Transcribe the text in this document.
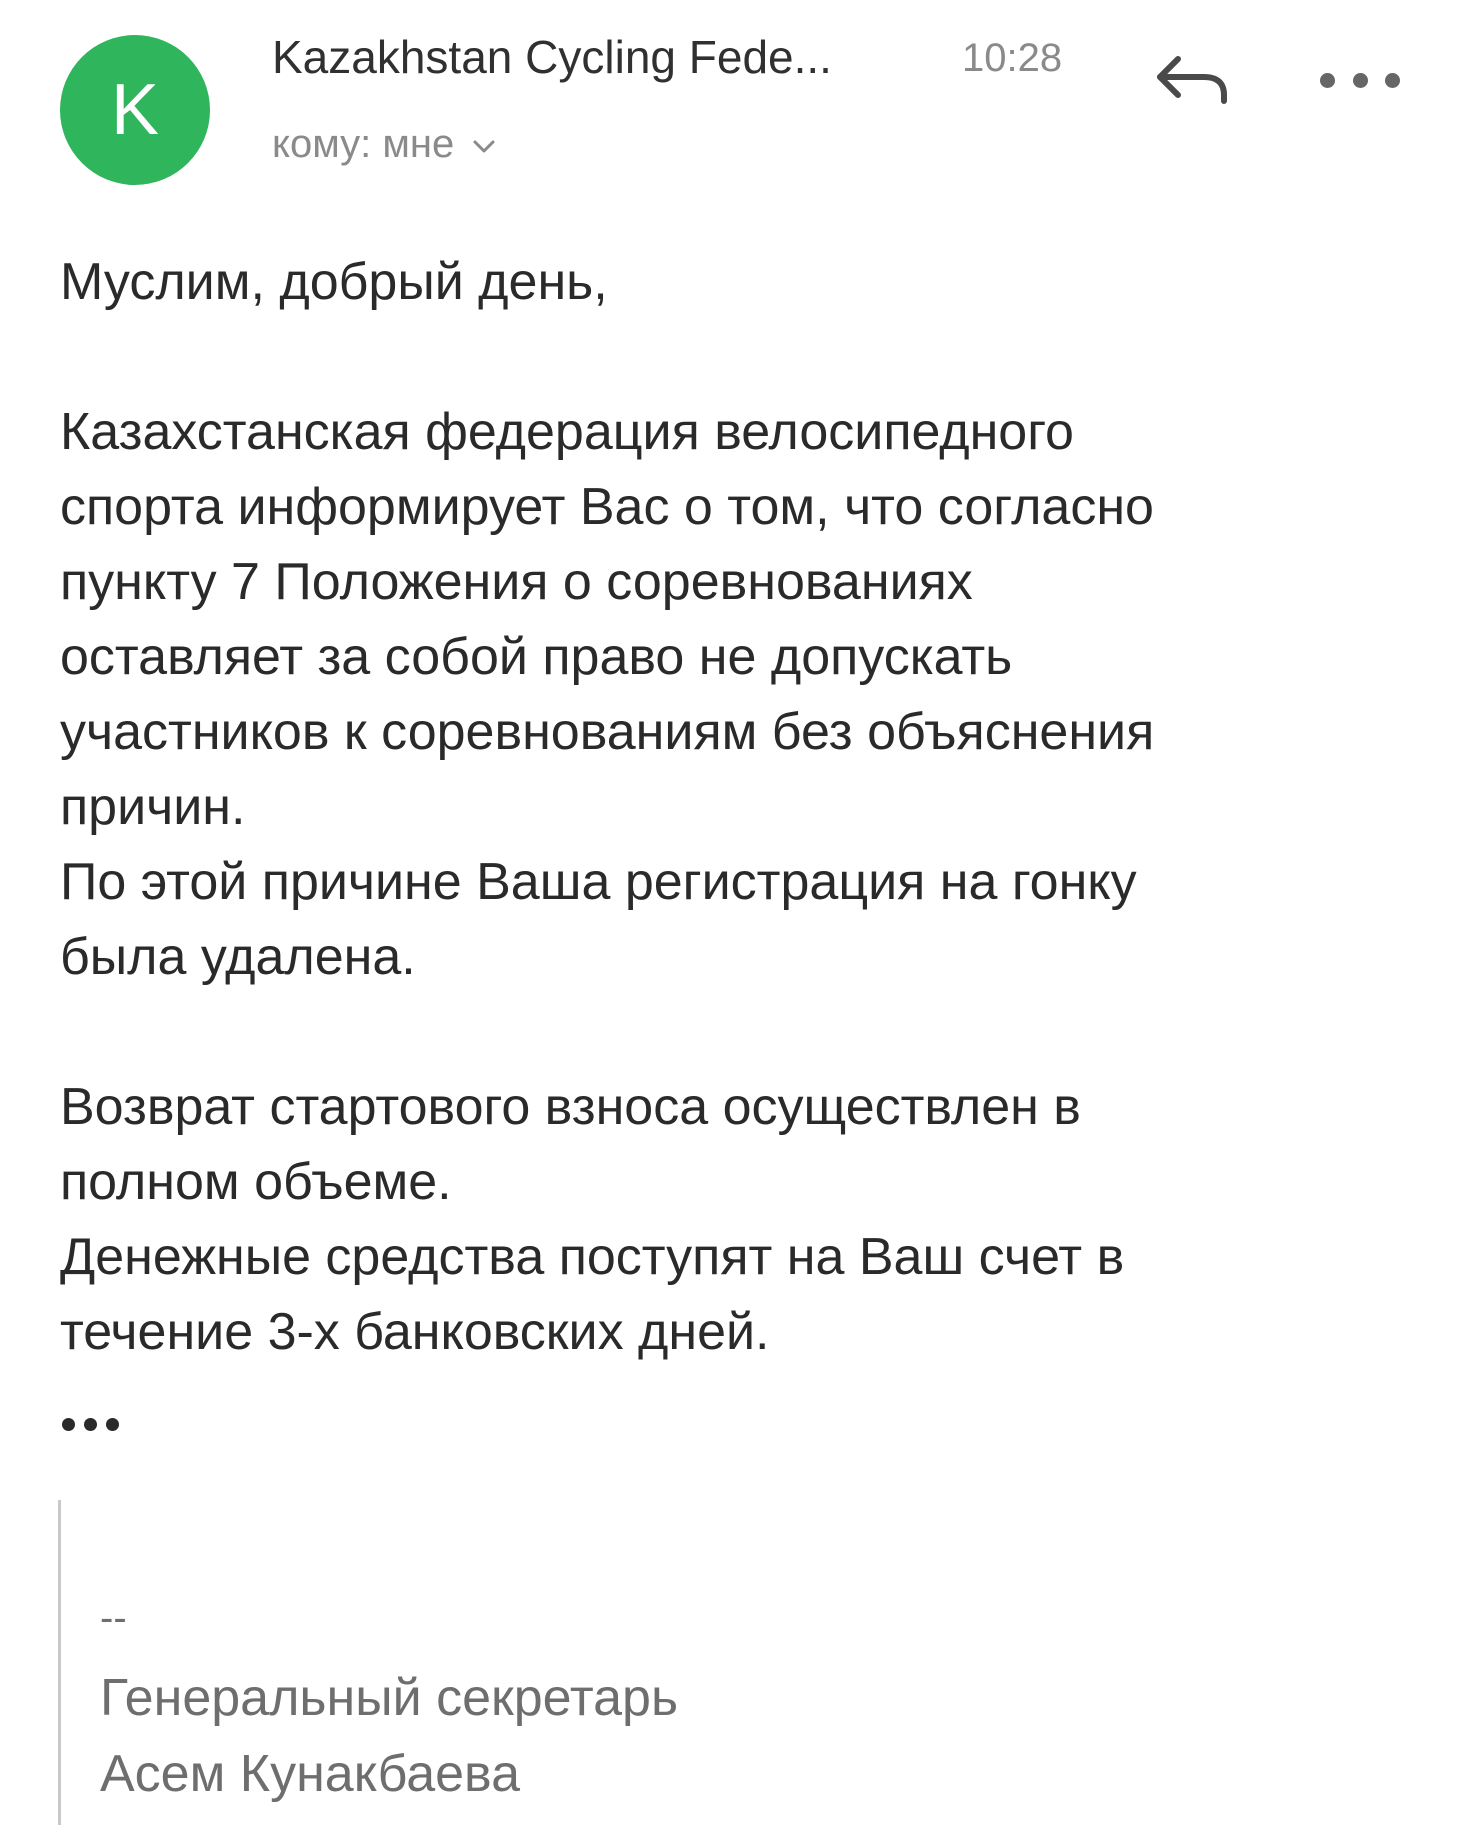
K
Kazakhstan Cycling Fede...	10:28
кому: мне

Муслим, добрый день,

Казахстанская федерация велосипедного

спорта информирует Вас о том, что согласно

пункту 7 Положения о соревнованиях

оставляет за собой право не допускать

участников к соревнованиям без объяснения

причин.

По этой причине Ваша регистрация на гонку

была удалена.

Возврат стартового взноса осуществлен в

полном объеме.

Денежные средства поступят на Ваш счет в

течение 3-х банковских дней.

--

Генеральный секретарь

Асем Кунакбаева
